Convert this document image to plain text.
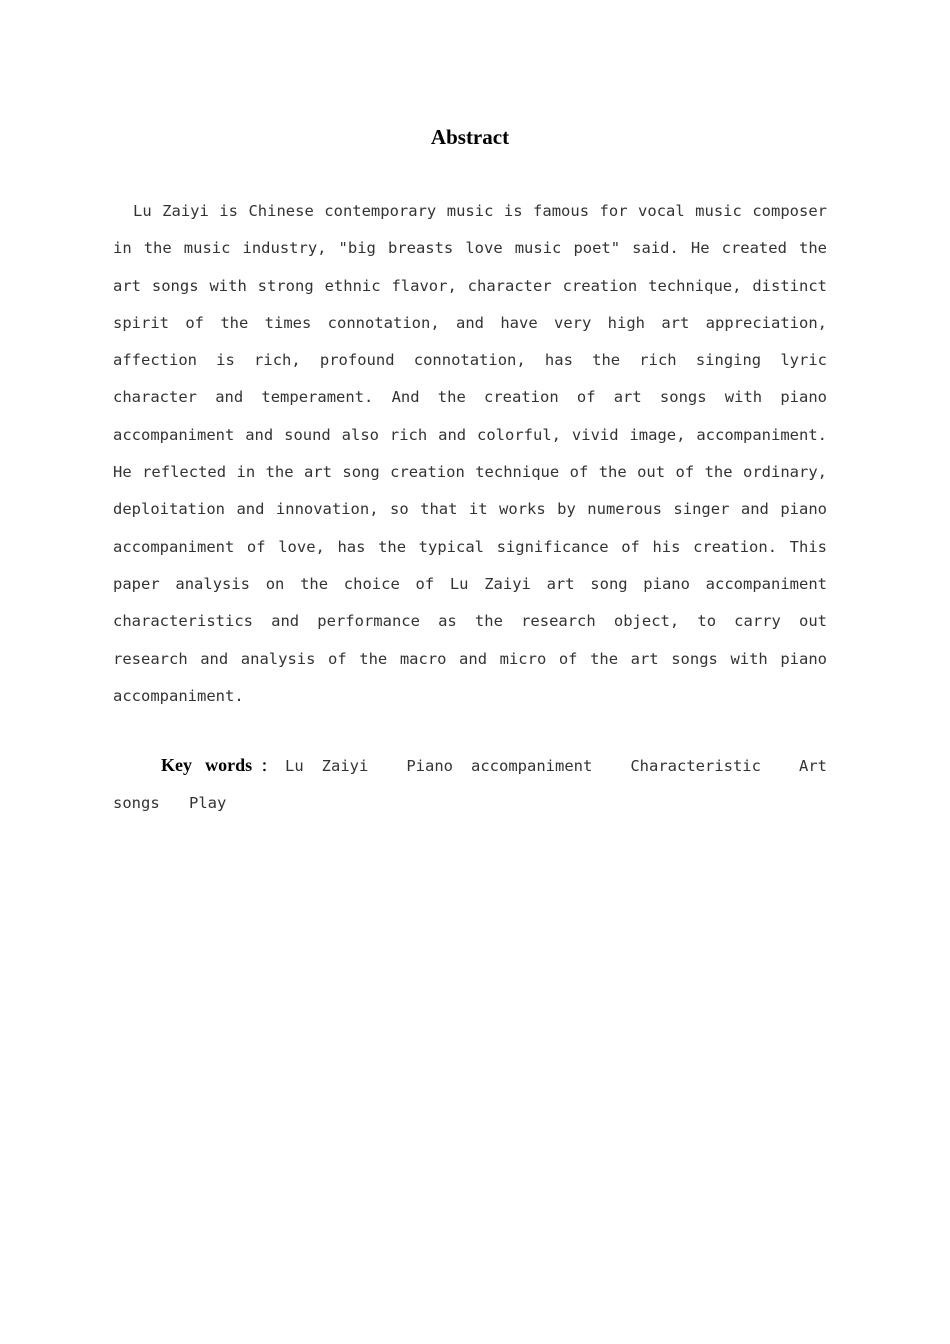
Abstract

Lu Zaiyi is Chinese contemporary music is famous for vocal music composer in the music industry, "big breasts love music poet" said. He created the art songs with strong ethnic flavor, character creation technique, distinct spirit of the times connotation, and have very high art appreciation, affection is rich, profound connotation, has the rich singing lyric character and temperament. And the creation of art songs with piano accompaniment and sound also rich and colorful, vivid image, accompaniment. He reflected in the art song creation technique of the out of the ordinary, deploitation and innovation, so that it works by numerous singer and piano accompaniment of love, has the typical significance of his creation. This paper analysis on the choice of Lu Zaiyi art song piano accompaniment characteristics and performance as the research object, to carry out research and analysis of the macro and micro of the art songs with piano accompaniment.

Key words：Lu Zaiyi Piano accompaniment Characteristic Art songs Play
